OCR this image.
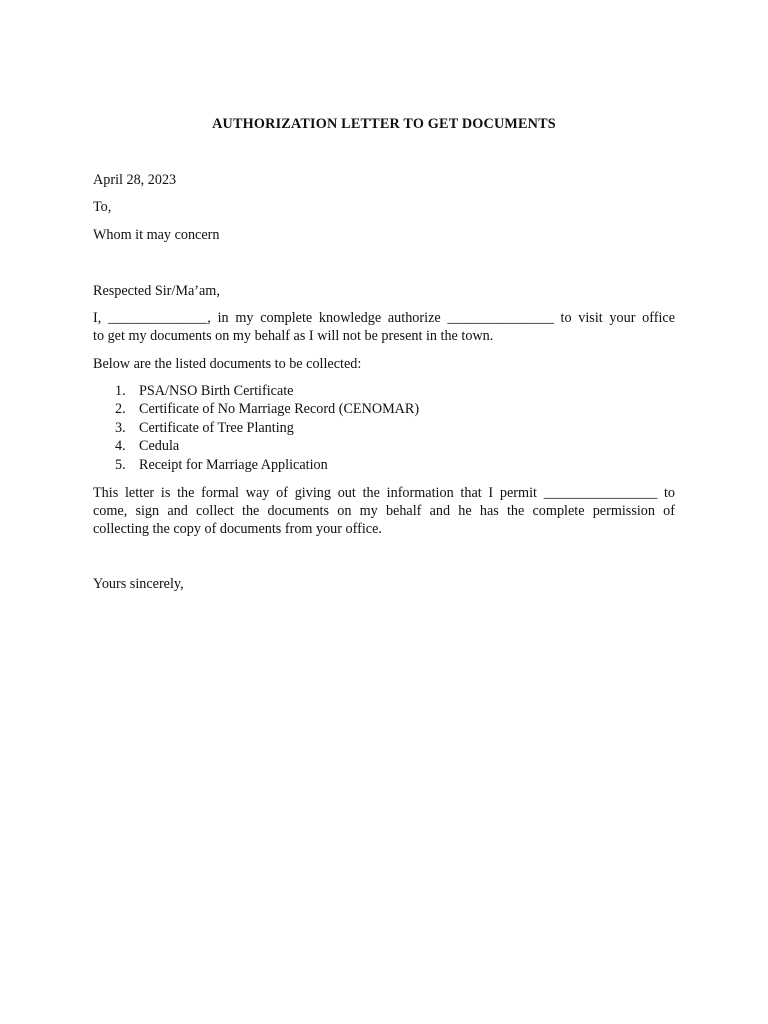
AUTHORIZATION LETTER TO GET DOCUMENTS
April 28, 2023
To,
Whom it may concern
Respected Sir/Ma’am,
I, ______________, in my complete knowledge authorize _______________ to visit your office
to get my documents on my behalf as I will not be present in the town.
Below are the listed documents to be collected:
1. PSA/NSO Birth Certificate
2. Certificate of No Marriage Record (CENOMAR)
3. Certificate of Tree Planting
4. Cedula
5. Receipt for Marriage Application
This letter is the formal way of giving out the information that I permit ________________ to
come, sign and collect the documents on my behalf and he has the complete permission of
collecting the copy of documents from your office.
Yours sincerely,
